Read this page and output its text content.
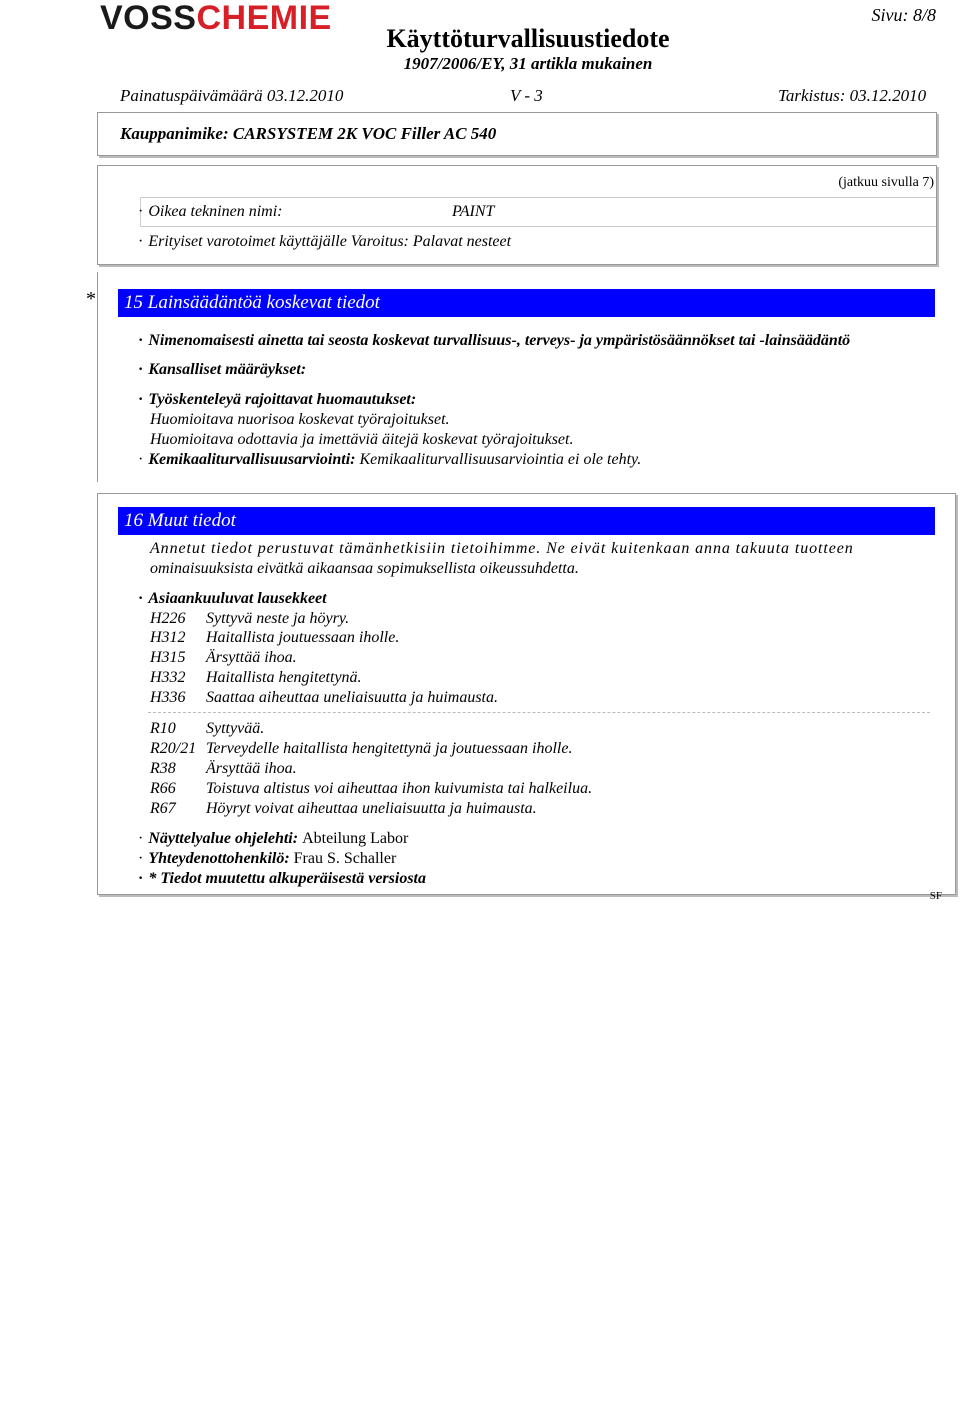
VOSSCHEMIE	Sivu: 8/8
Käyttöturvallisuustiedote
1907/2006/EY, 31 artikla mukainen
Painatuspäivämäärä 03.12.2010	V - 3	Tarkistus: 03.12.2010
Kauppanimike: CARSYSTEM 2K VOC Filler AC 540
(jatkuu sivulla 7)
· Oikea tekninen nimi:	PAINT
· Erityiset varotoimet käyttäjälle Varoitus: Palavat nesteet
*	15 Lainsäädäntöä koskevat tiedot
· Nimenomaisesti ainetta tai seosta koskevat turvallisuus-, terveys- ja ympäristösäännökset tai -lainsäädäntö
· Kansalliset määräykset:
· Työskenteleyä rajoittavat huomautukset:
Huomioitava nuorisoa koskevat työrajoitukset.
Huomioitava odottavia ja imettäviä äitejä koskevat työrajoitukset.
· Kemikaaliturvallisuusarviointi: Kemikaaliturvallisuusarviointia ei ole tehty.
16 Muut tiedot
Annetut tiedot perustuvat tämänhetkisiin tietoihimme. Ne eivät kuitenkaan anna takuuta tuotteen
ominaisuuksista eivätkä aikaansaa sopimuksellista oikeussuhdetta.
· Asiaankuuluvat lausekkeet
H226 Syttyvä neste ja höyry.
H312 Haitallista joutuessaan iholle.
H315 Ärsyttää ihoa.
H332 Haitallista hengitettynä.
H336 Saattaa aiheuttaa uneliaisuutta ja huimausta.
R10 Syttyvää.
R20/21 Terveydelle haitallista hengitettynä ja joutuessaan iholle.
R38 Ärsyttää ihoa.
R66 Toistuva altistus voi aiheuttaa ihon kuivumista tai halkeilua.
R67 Höyryt voivat aiheuttaa uneliaisuutta ja huimausta.
· Näyttelyalue ohjelehti: Abteilung Labor
· Yhteydenottohenkilö: Frau S. Schaller
· * Tiedot muutettu alkuperäisestä versiosta
SF
